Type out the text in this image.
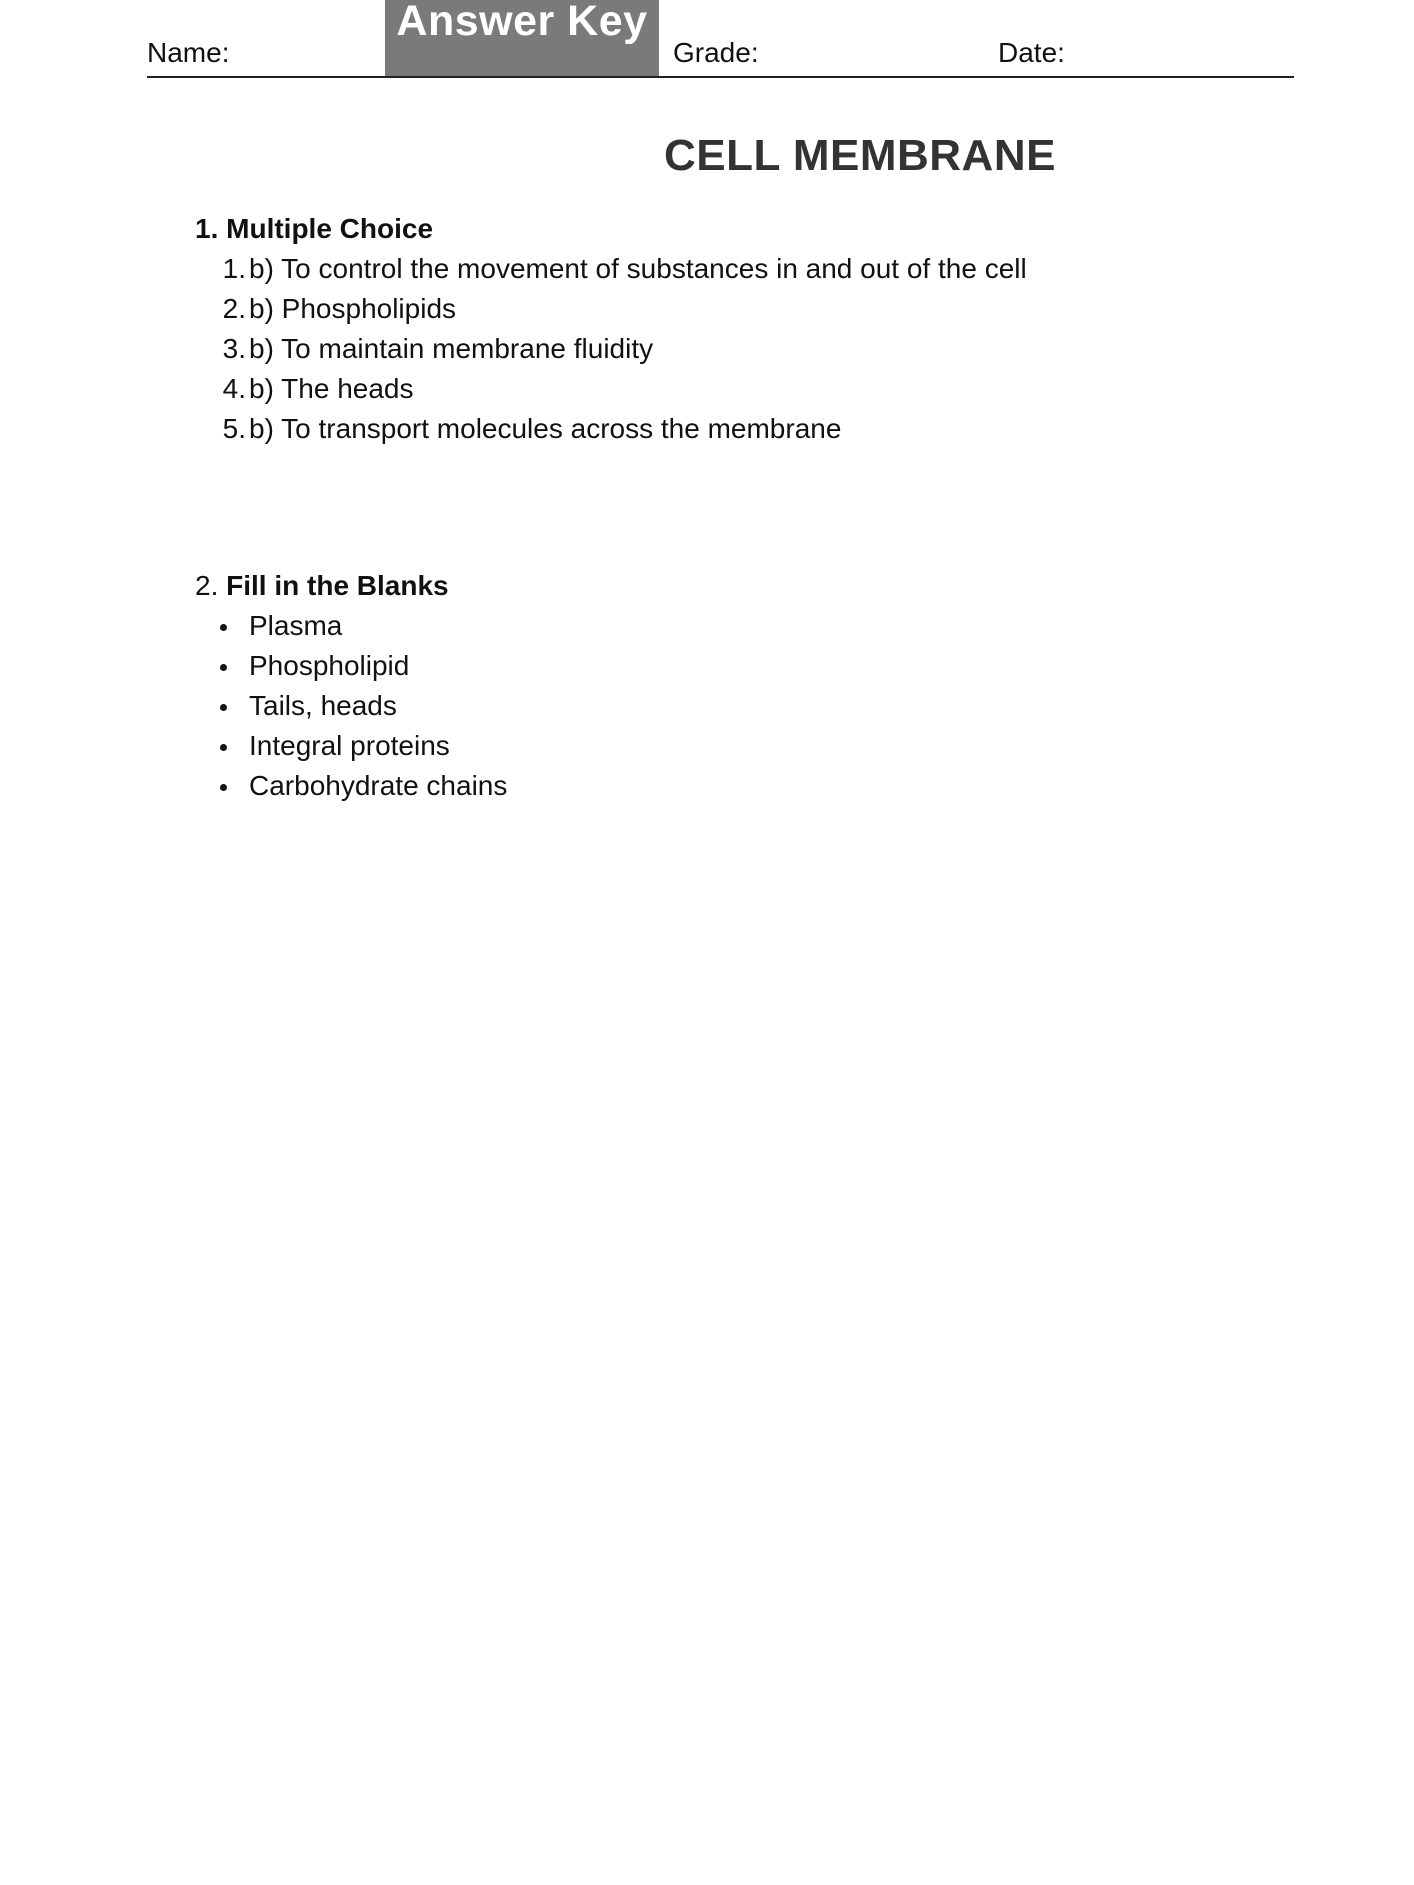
Name:
Answer Key
Grade:	Date:
CELL MEMBRANE
1. Multiple Choice
1. b) To control the movement of substances in and out of the cell
2. b) Phospholipids
3. b) To maintain membrane fluidity
4. b) The heads
5. b) To transport molecules across the membrane
2. Fill in the Blanks
Plasma
Phospholipid
Tails, heads
Integral proteins
Carbohydrate chains
